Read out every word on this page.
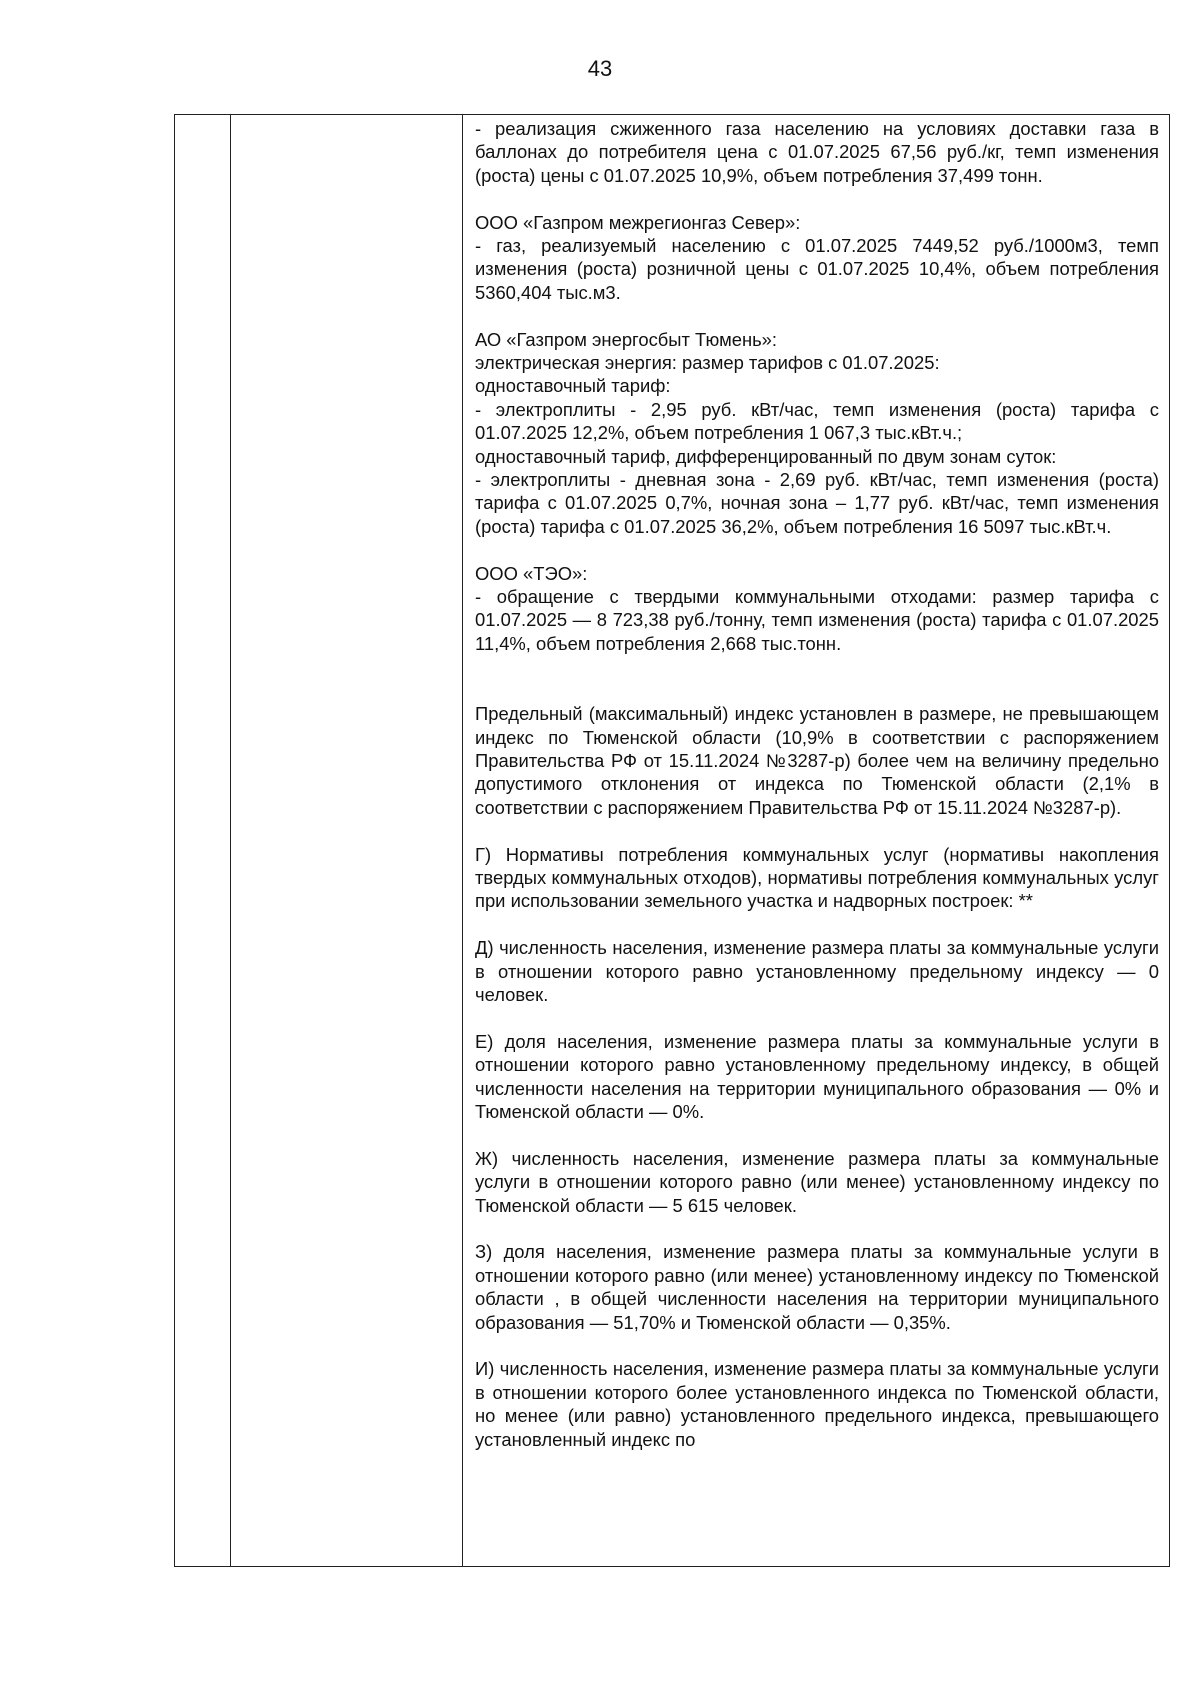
43

- реализация сжиженного газа населению на условиях доставки газа в баллонах до потребителя цена с 01.07.2025 67,56 руб./кг, темп изменения (роста) цены с 01.07.2025 10,9%, объем потребления 37,499 тонн.

ООО «Газпром межрегионгаз Север»:

- газ, реализуемый населению с 01.07.2025 7449,52 руб./1000м3, темп изменения (роста) розничной цены с 01.07.2025 10,4%, объем потребления 5360,404 тыс.м3.

АО «Газпром энергосбыт Тюмень»:

электрическая энергия: размер тарифов с 01.07.2025:

одноставочный тариф:

- электроплиты - 2,95 руб. кВт/час, темп изменения (роста) тарифа с 01.07.2025 12,2%, объем потребления 1 067,3 тыс.кВт.ч.;

одноставочный тариф, дифференцированный по двум зонам суток:

- электроплиты - дневная зона - 2,69 руб. кВт/час, темп изменения (роста) тарифа с 01.07.2025 0,7%, ночная зона – 1,77 руб. кВт/час, темп изменения (роста) тарифа с 01.07.2025 36,2%, объем потребления 16 5097 тыс.кВт.ч.

ООО «ТЭО»:

- обращение с твердыми коммунальными отходами: размер тарифа с 01.07.2025 — 8 723,38 руб./тонну, темп изменения (роста) тарифа с 01.07.2025 11,4%, объем потребления 2,668 тыс.тонн.

Предельный (максимальный) индекс установлен в размере, не превышающем индекс по Тюменской области (10,9% в соответствии с распоряжением Правительства РФ от 15.11.2024 №3287-р) более чем на величину предельно допустимого отклонения от индекса по Тюменской области (2,1% в соответствии с распоряжением Правительства РФ от 15.11.2024 №3287-р).

Г) Нормативы потребления коммунальных услуг (нормативы накопления твердых коммунальных отходов), нормативы потребления коммунальных услуг при использовании земельного участка и надворных построек: **

Д) численность населения, изменение размера платы за коммунальные услуги в отношении которого равно установленному предельному индексу — 0 человек.

Е) доля населения, изменение размера платы за коммунальные услуги в отношении которого равно установленному предельному индексу, в общей численности населения на территории муниципального образования — 0% и Тюменской области — 0%.

Ж) численность населения, изменение размера платы за коммунальные услуги в отношении которого равно (или менее) установленному индексу по Тюменской области — 5 615 человек.

З) доля населения, изменение размера платы за коммунальные услуги в отношении которого равно (или менее) установленному индексу по Тюменской области , в общей численности населения на территории муниципального образования — 51,70% и Тюменской области — 0,35%.

И) численность населения, изменение размера платы за коммунальные услуги в отношении которого более установленного индекса по Тюменской области, но менее (или равно) установленного предельного индекса, превышающего установленный индекс по
